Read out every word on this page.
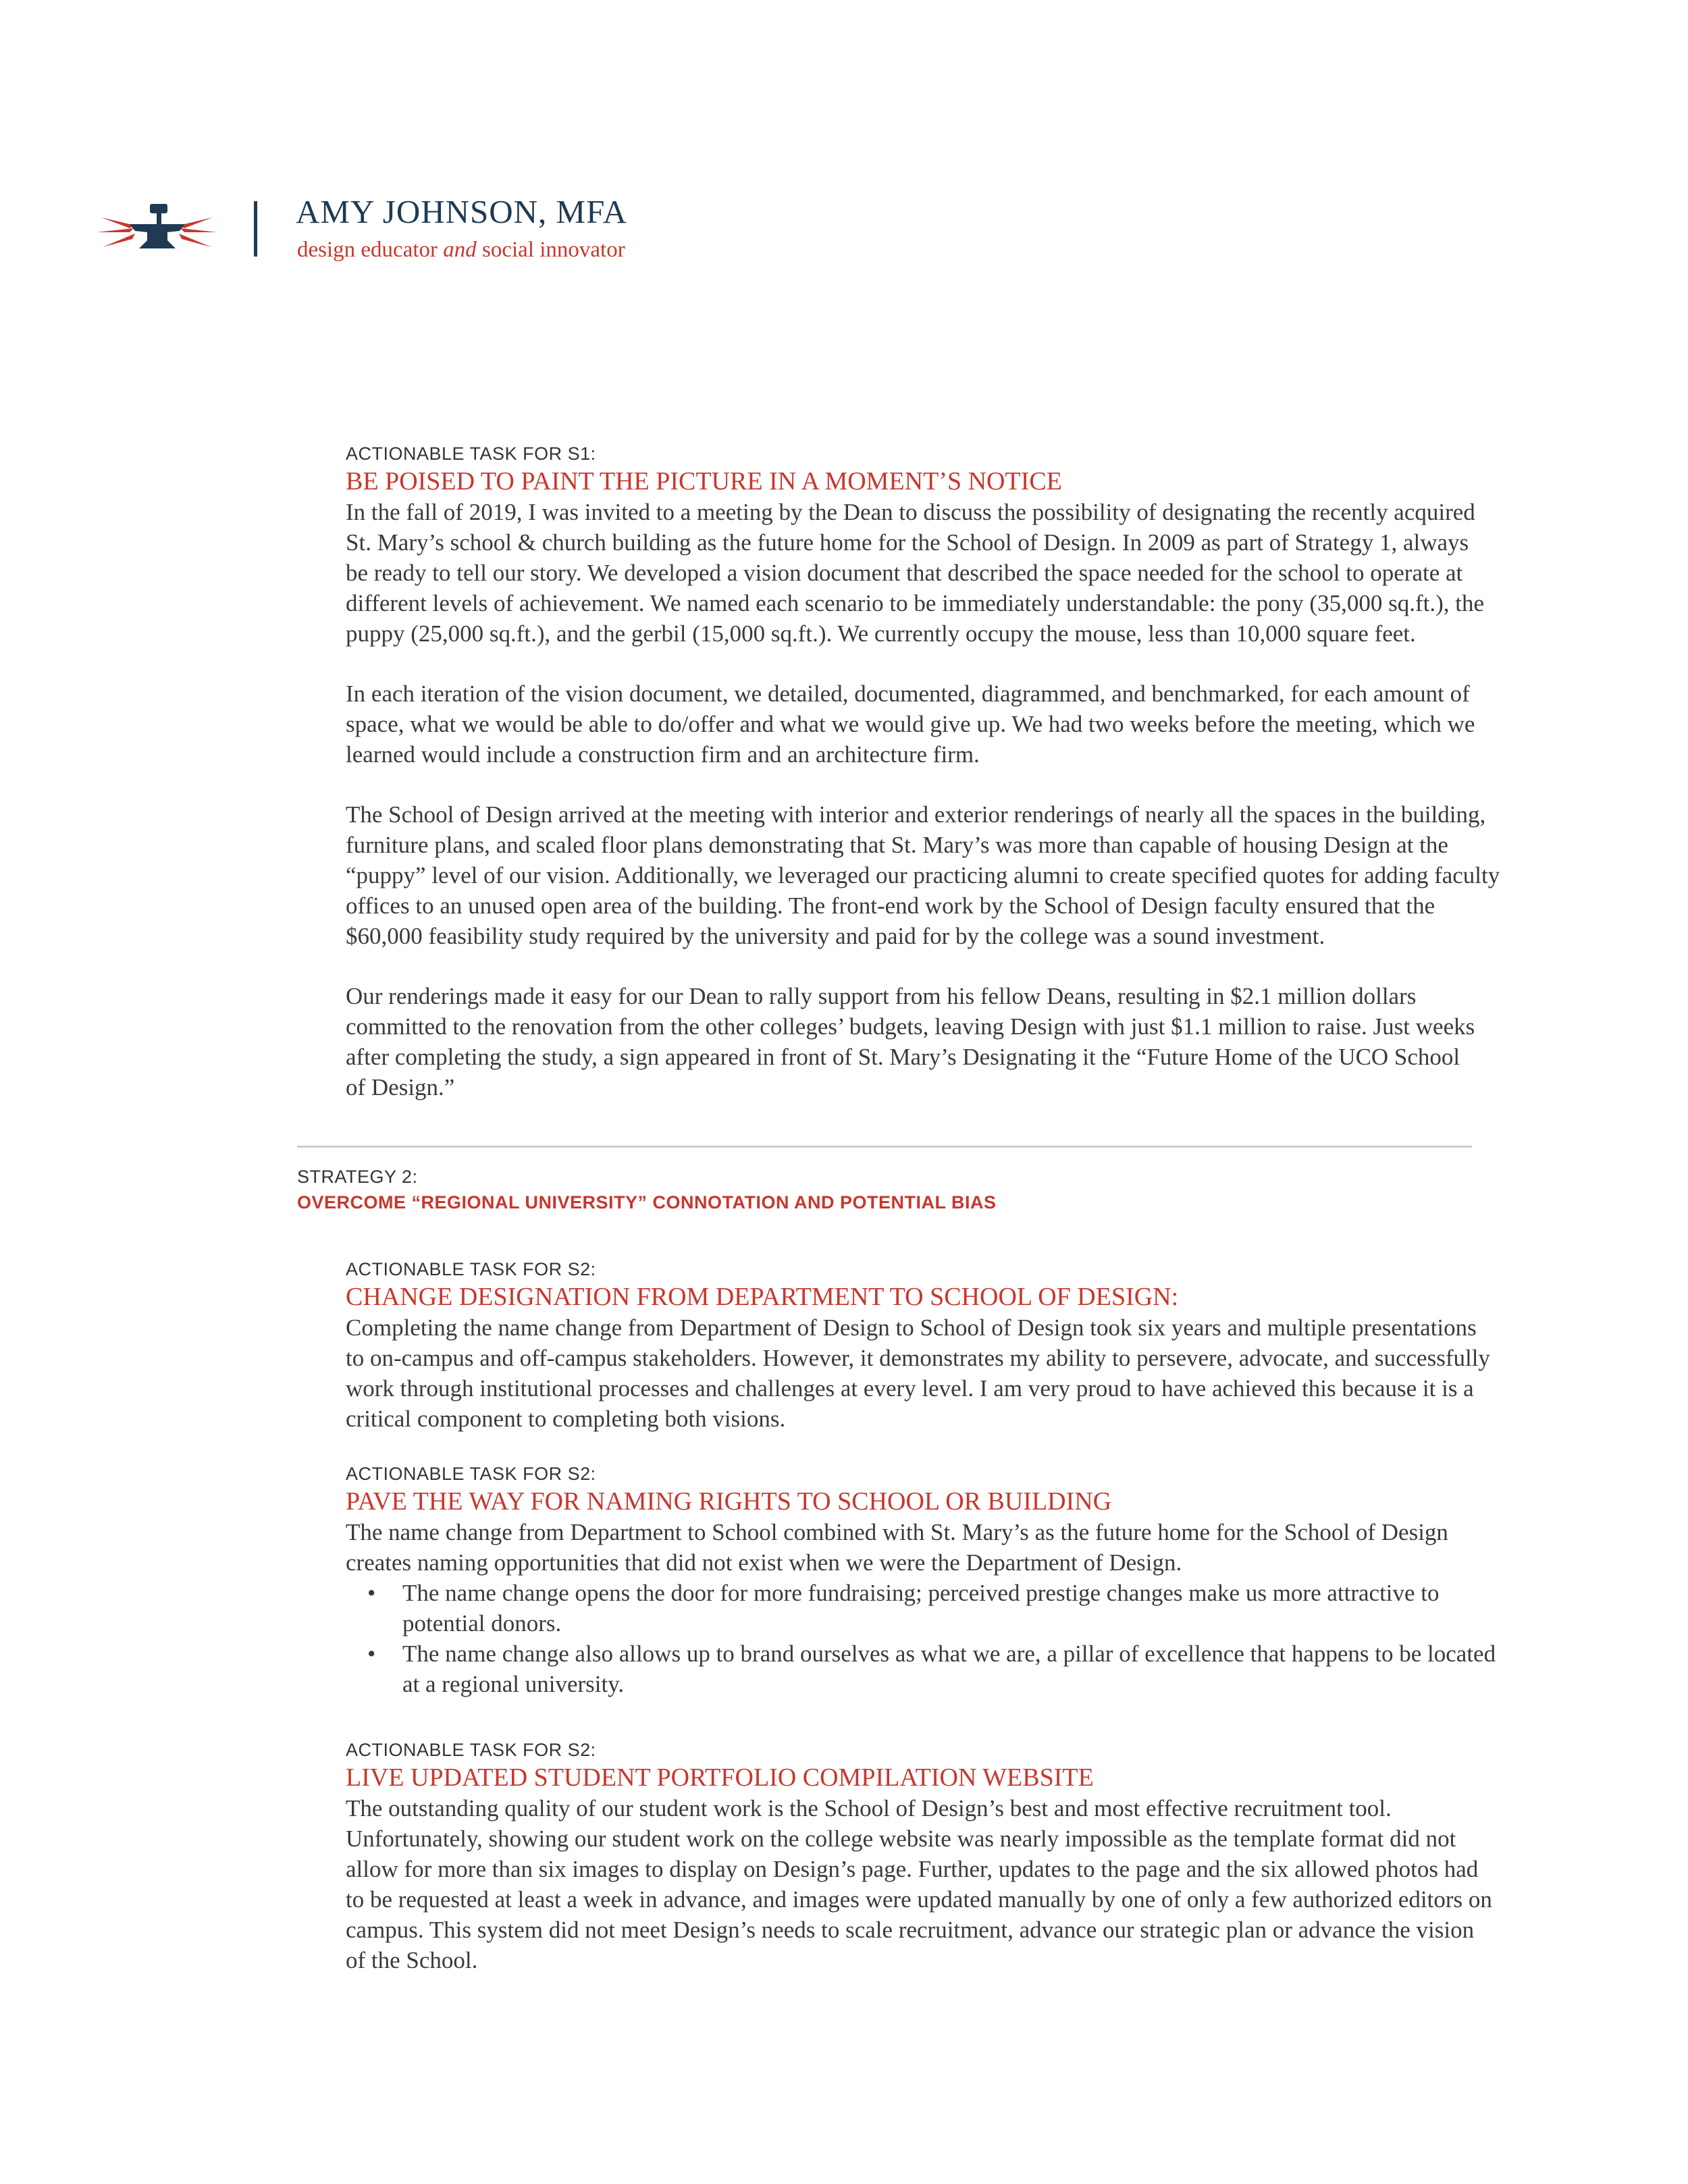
AMY JOHNSON, MFA
design educator and social innovator

ACTIONABLE TASK FOR S1:

BE POISED TO PAINT THE PICTURE IN A MOMENT’S NOTICE

In the fall of 2019, I was invited to a meeting by the Dean to discuss the possibility of designating the recently acquired
St. Mary’s school & church building as the future home for the School of Design. In 2009 as part of Strategy 1, always
be ready to tell our story. We developed a vision document that described the space needed for the school to operate at
different levels of achievement. We named each scenario to be immediately understandable: the pony (35,000 sq.ft.), the
puppy (25,000 sq.ft.), and the gerbil (15,000 sq.ft.). We currently occupy the mouse, less than 10,000 square feet.
In each iteration of the vision document, we detailed, documented, diagrammed, and benchmarked, for each amount of
space, what we would be able to do/offer and what we would give up. We had two weeks before the meeting, which we
learned would include a construction firm and an architecture firm.
The School of Design arrived at the meeting with interior and exterior renderings of nearly all the spaces in the building,
furniture plans, and scaled floor plans demonstrating that St. Mary’s was more than capable of housing Design at the
“puppy” level of our vision. Additionally, we leveraged our practicing alumni to create specified quotes for adding faculty
offices to an unused open area of the building. The front-end work by the School of Design faculty ensured that the
$60,000 feasibility study required by the university and paid for by the college was a sound investment.
Our renderings made it easy for our Dean to rally support from his fellow Deans, resulting in $2.1 million dollars
committed to the renovation from the other colleges’ budgets, leaving Design with just $1.1 million to raise. Just weeks
after completing the study, a sign appeared in front of St. Mary’s Designating it the “Future Home of the UCO School
of Design.”

STRATEGY 2:

OVERCOME “REGIONAL UNIVERSITY” CONNOTATION AND POTENTIAL BIAS

ACTIONABLE TASK FOR S2:

CHANGE DESIGNATION FROM DEPARTMENT TO SCHOOL OF DESIGN:

Completing the name change from Department of Design to School of Design took six years and multiple presentations
to on-campus and off-campus stakeholders. However, it demonstrates my ability to persevere, advocate, and successfully
work through institutional processes and challenges at every level. I am very proud to have achieved this because it is a
critical component to completing both visions.

ACTIONABLE TASK FOR S2:

PAVE THE WAY FOR NAMING RIGHTS TO SCHOOL OR BUILDING

The name change from Department to School combined with St. Mary’s as the future home for the School of Design
creates naming opportunities that did not exist when we were the Department of Design.
• The name change opens the door for more fundraising; perceived prestige changes make us more attractive to
potential donors.
• The name change also allows up to brand ourselves as what we are, a pillar of excellence that happens to be located
at a regional university.

ACTIONABLE TASK FOR S2:

LIVE UPDATED STUDENT PORTFOLIO COMPILATION WEBSITE

The outstanding quality of our student work is the School of Design’s best and most effective recruitment tool.
Unfortunately, showing our student work on the college website was nearly impossible as the template format did not
allow for more than six images to display on Design’s page. Further, updates to the page and the six allowed photos had
to be requested at least a week in advance, and images were updated manually by one of only a few authorized editors on
campus. This system did not meet Design’s needs to scale recruitment, advance our strategic plan or advance the vision
of the School.
